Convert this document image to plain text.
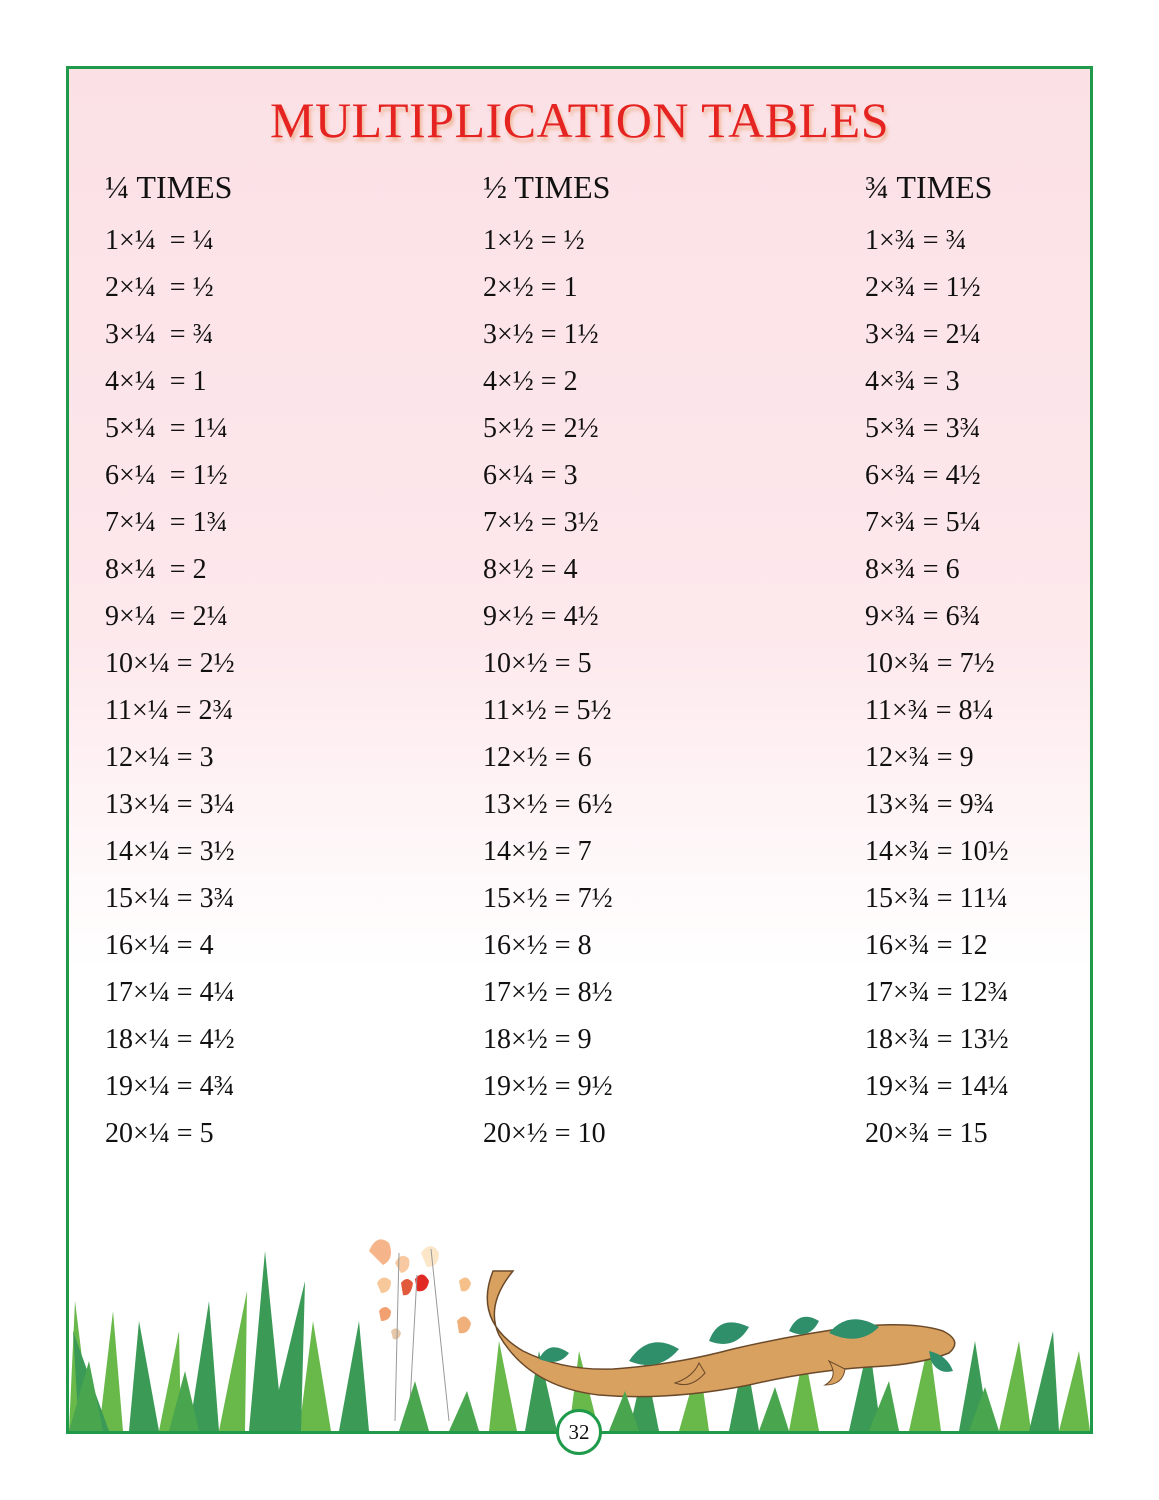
MULTIPLICATION TABLES
¼ TIMES
1×¼  = ¼
2×¼  = ½
3×¼  = ¾
4×¼  = 1
5×¼  = 1¼
6×¼  = 1½
7×¼  = 1¾
8×¼  = 2
9×¼  = 2¼
10×¼ = 2½
11×¼ = 2¾
12×¼ = 3
13×¼ = 3¼
14×¼ = 3½
15×¼ = 3¾
16×¼ = 4
17×¼ = 4¼
18×¼ = 4½
19×¼ = 4¾
20×¼ = 5
½ TIMES
1×½ = ½
2×½ = 1
3×½ = 1½
4×½ = 2
5×½ = 2½
6×¼ = 3
7×½ = 3½
8×½ = 4
9×½ = 4½
10×½ = 5
11×½ = 5½
12×½ = 6
13×½ = 6½
14×½ = 7
15×½ = 7½
16×½ = 8
17×½ = 8½
18×½ = 9
19×½ = 9½
20×½ = 10
¾ TIMES
1×¾ = ¾
2×¾ = 1½
3×¾ = 2¼
4×¾ = 3
5×¾ = 3¾
6×¾ = 4½
7×¾ = 5¼
8×¾ = 6
9×¾ = 6¾
10×¾ = 7½
11×¾ = 8¼
12×¾ = 9
13×¾ = 9¾
14×¾ = 10½
15×¾ = 11¼
16×¾ = 12
17×¾ = 12¾
18×¾ = 13½
19×¾ = 14¼
20×¾ = 15
32
